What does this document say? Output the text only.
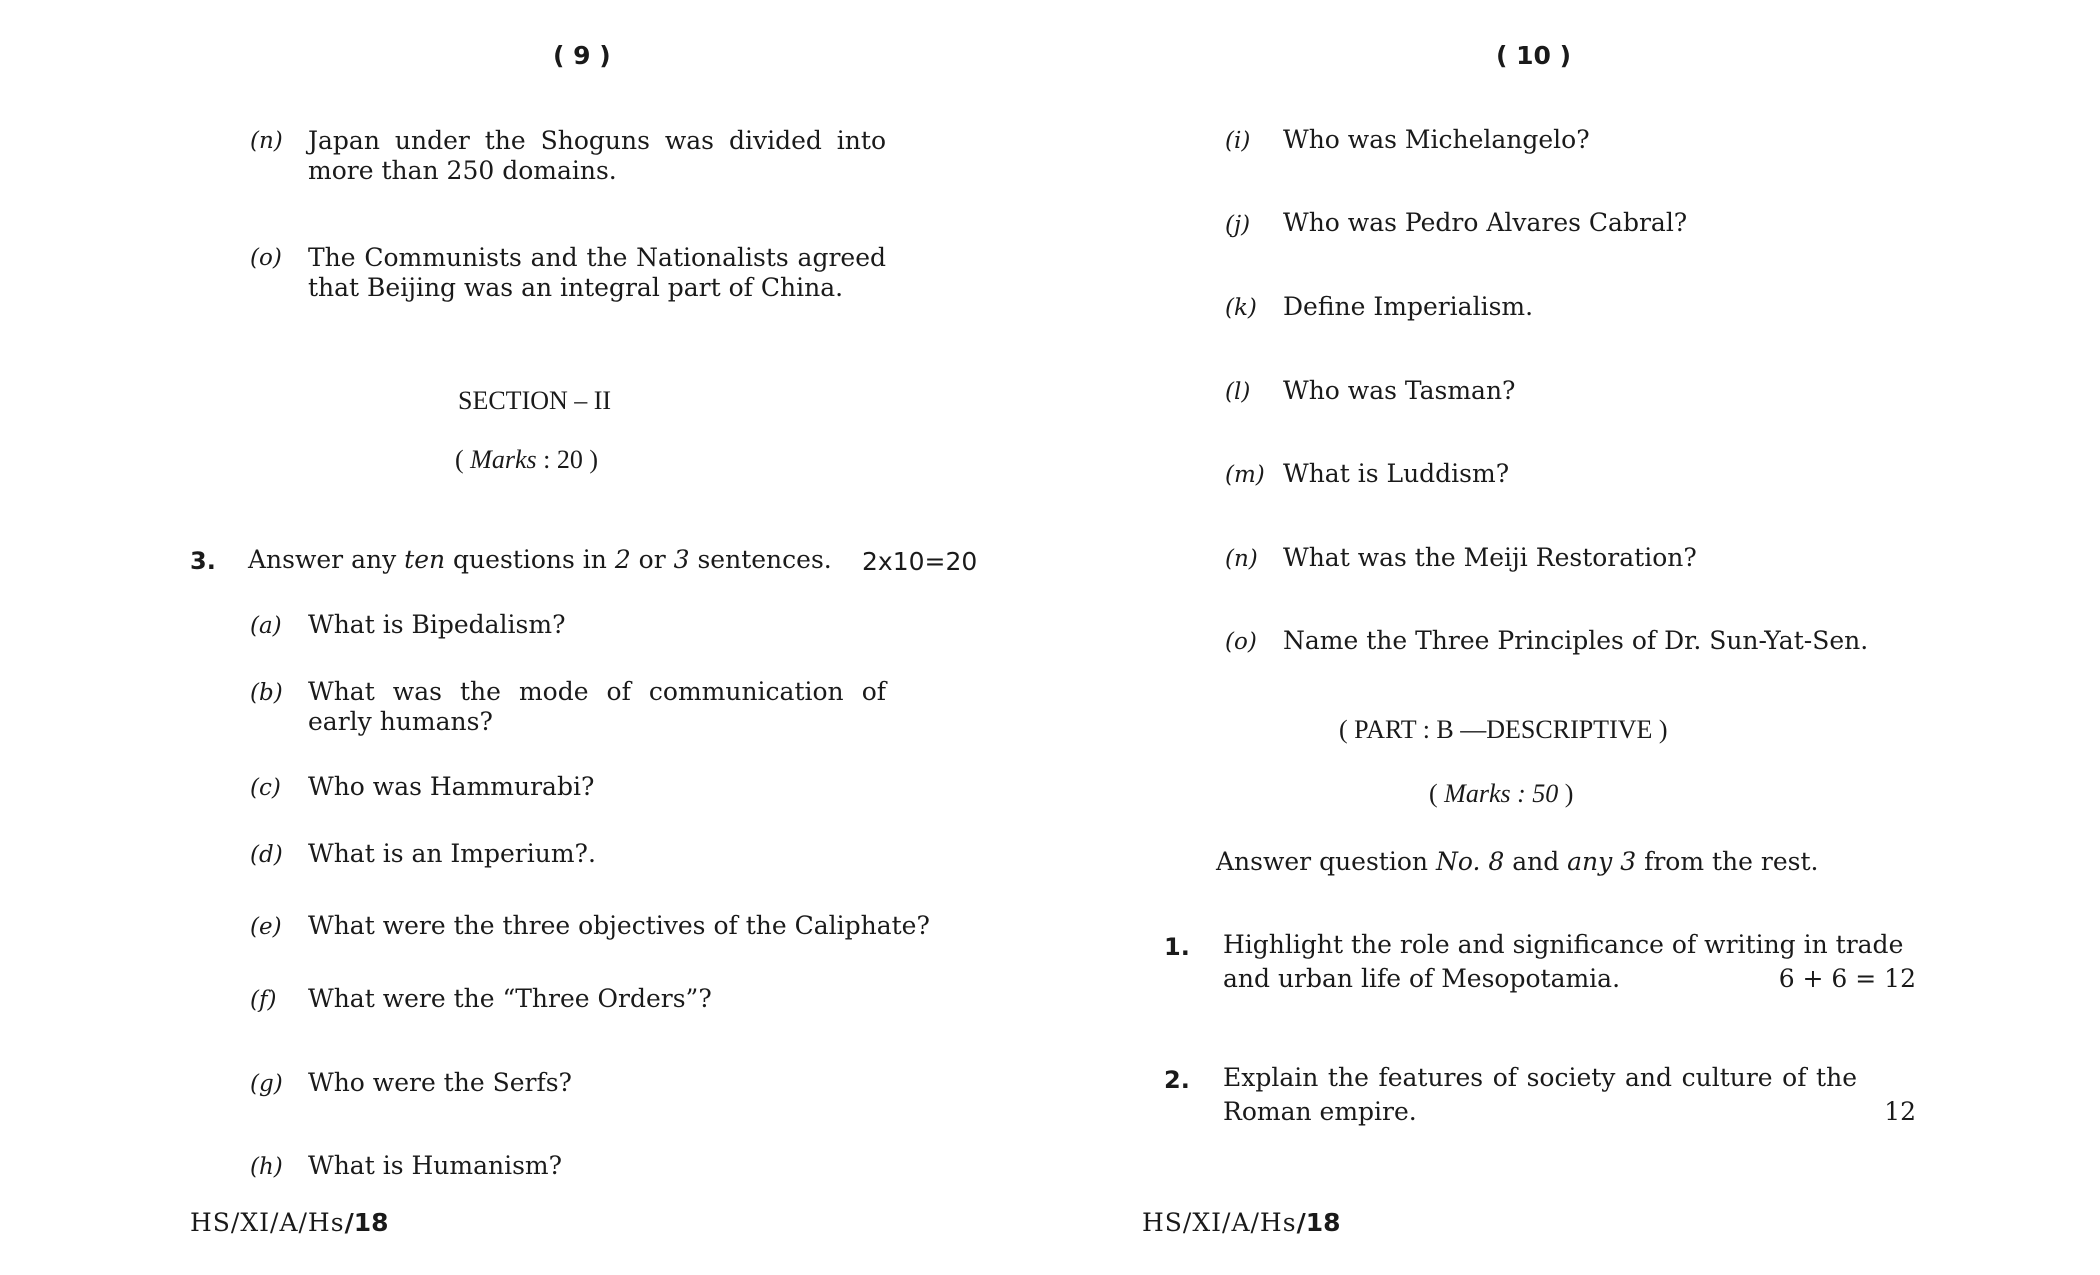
( 9 )
(n) Japan under the Shoguns was divided into more than 250 domains.
(o) The Communists and the Nationalists agreed that Beijing was an integral part of China.
SECTION – II
( Marks : 20 )
3. Answer any ten questions in 2 or 3 sentences. 2x10=20
(a) What is Bipedalism?
(b) What was the mode of communication of early humans?
(c) Who was Hammurabi?
(d) What is an Imperium?.
(e) What were the three objectives of the Caliphate?
(f) What were the “Three Orders”?
(g) Who were the Serfs?
(h) What is Humanism?
HS/XI/A/Hs/18
( 10 )
(i) Who was Michelangelo?
(j) Who was Pedro Alvares Cabral?
(k) Define Imperialism.
(l) Who was Tasman?
(m) What is Luddism?
(n) What was the Meiji Restoration?
(o) Name the Three Principles of Dr. Sun-Yat-Sen.
( PART : B —DESCRIPTIVE )
( Marks : 50 )
Answer question No. 8 and any 3 from the rest.
1. Highlight the role and significance of writing in trade
and urban life of Mesopotamia.	6 + 6 = 12
2. Explain the features of society and culture of the
Roman empire.	12
HS/XI/A/Hs/18
